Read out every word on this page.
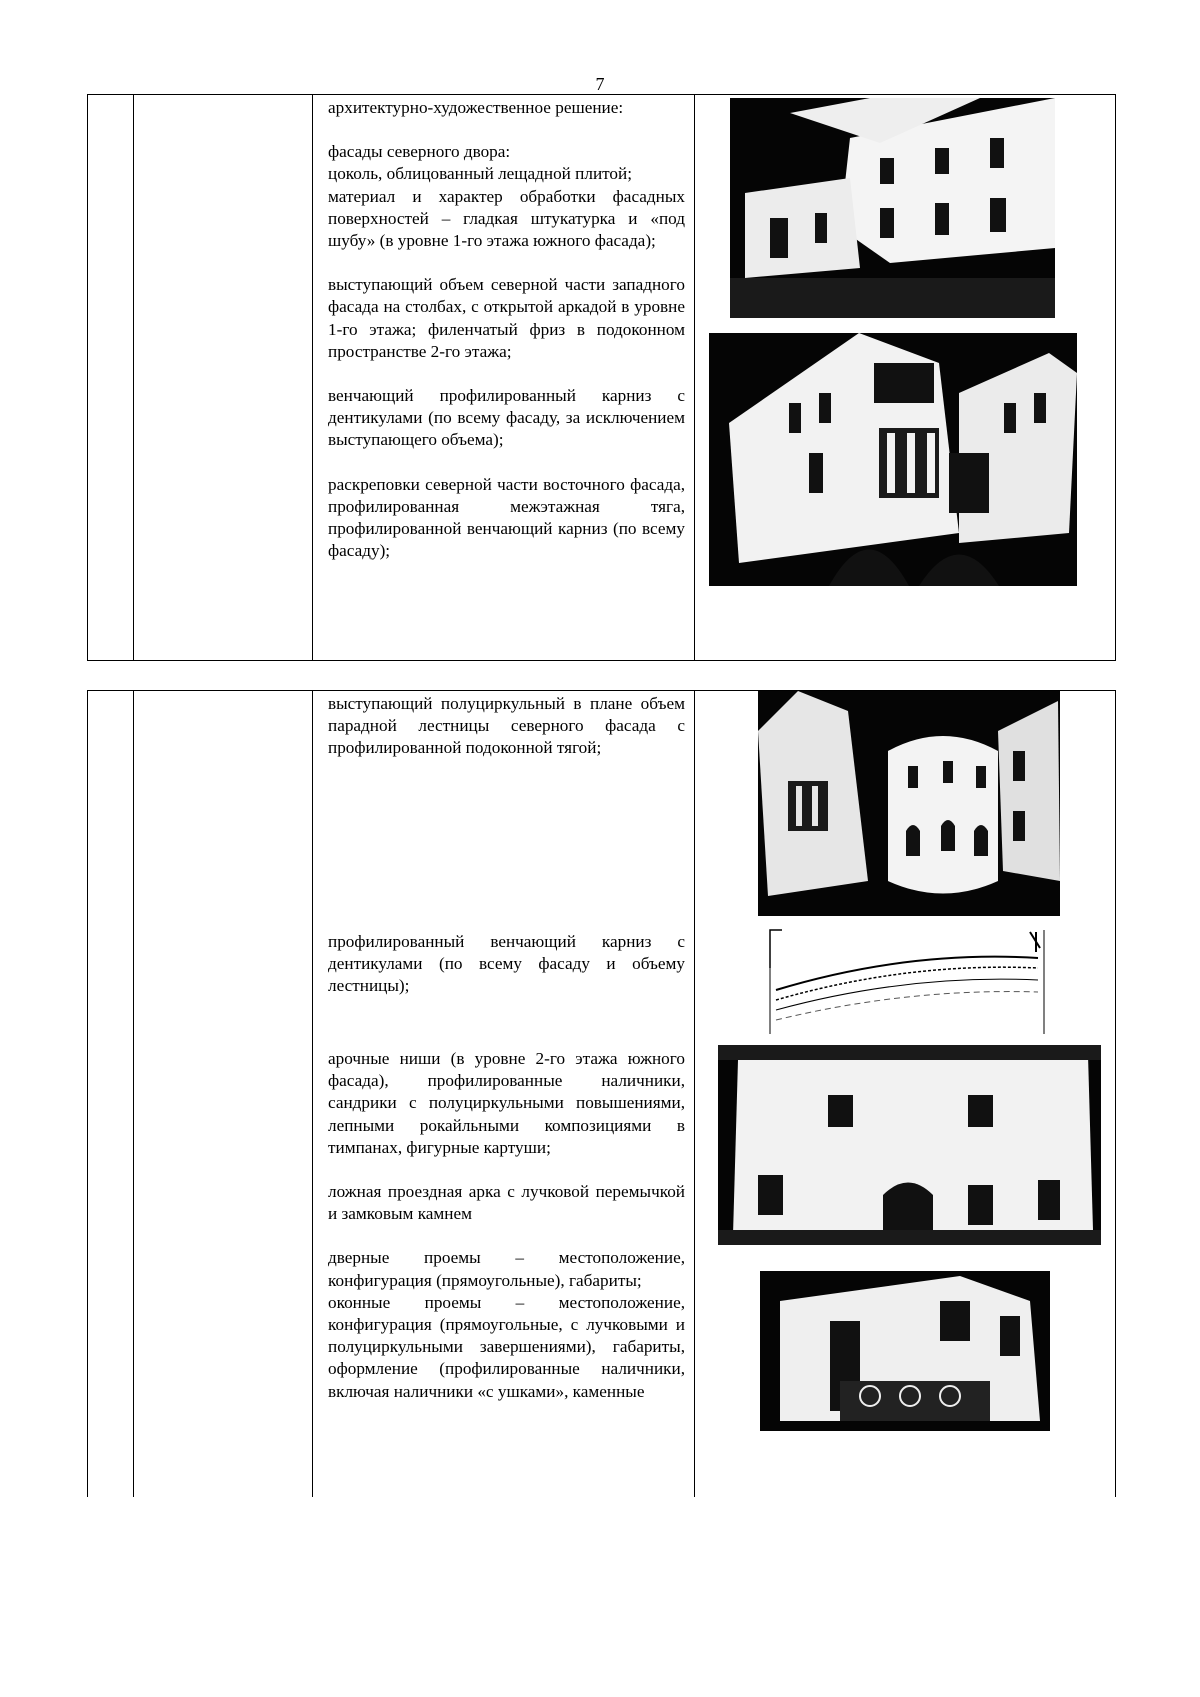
7

архитектурно-художественное решение:

фасады северного двора:

цоколь, облицованный лещадной плитой;

материал и характер обработки фасадных поверхностей – гладкая штукатурка и «под шубу» (в уровне 1-го этажа южного фасада);

выступающий объем северной части западного фасада на столбах, с открытой аркадой в уровне 1-го этажа; филенчатый фриз в подоконном пространстве 2-го этажа;

венчающий профилированный карниз с дентикулами (по всему фасаду, за исключением выступающего объема);

раскреповки северной части восточного фасада, профилированная межэтажная тяга, профилированной венчающий карниз (по всему фасаду);

выступающий полуциркульный в плане объем парадной лестницы северного фасада с профилированной подоконной тягой;

профилированный венчающий карниз с дентикулами (по всему фасаду и объему лестницы);

арочные ниши (в уровне 2-го этажа южного фасада), профилированные наличники, сандрики с полуциркульными повышениями, лепными рокайльными композициями в тимпанах, фигурные картуши;

ложная проездная арка с лучковой перемычкой и замковым камнем

дверные проемы – местоположение, конфигурация (прямоугольные), габариты;

оконные проемы – местоположение, конфигурация (прямоугольные, с лучковыми и полуциркульными завершениями), габариты, оформление (профилированные наличники, включая наличники «с ушками», каменные
